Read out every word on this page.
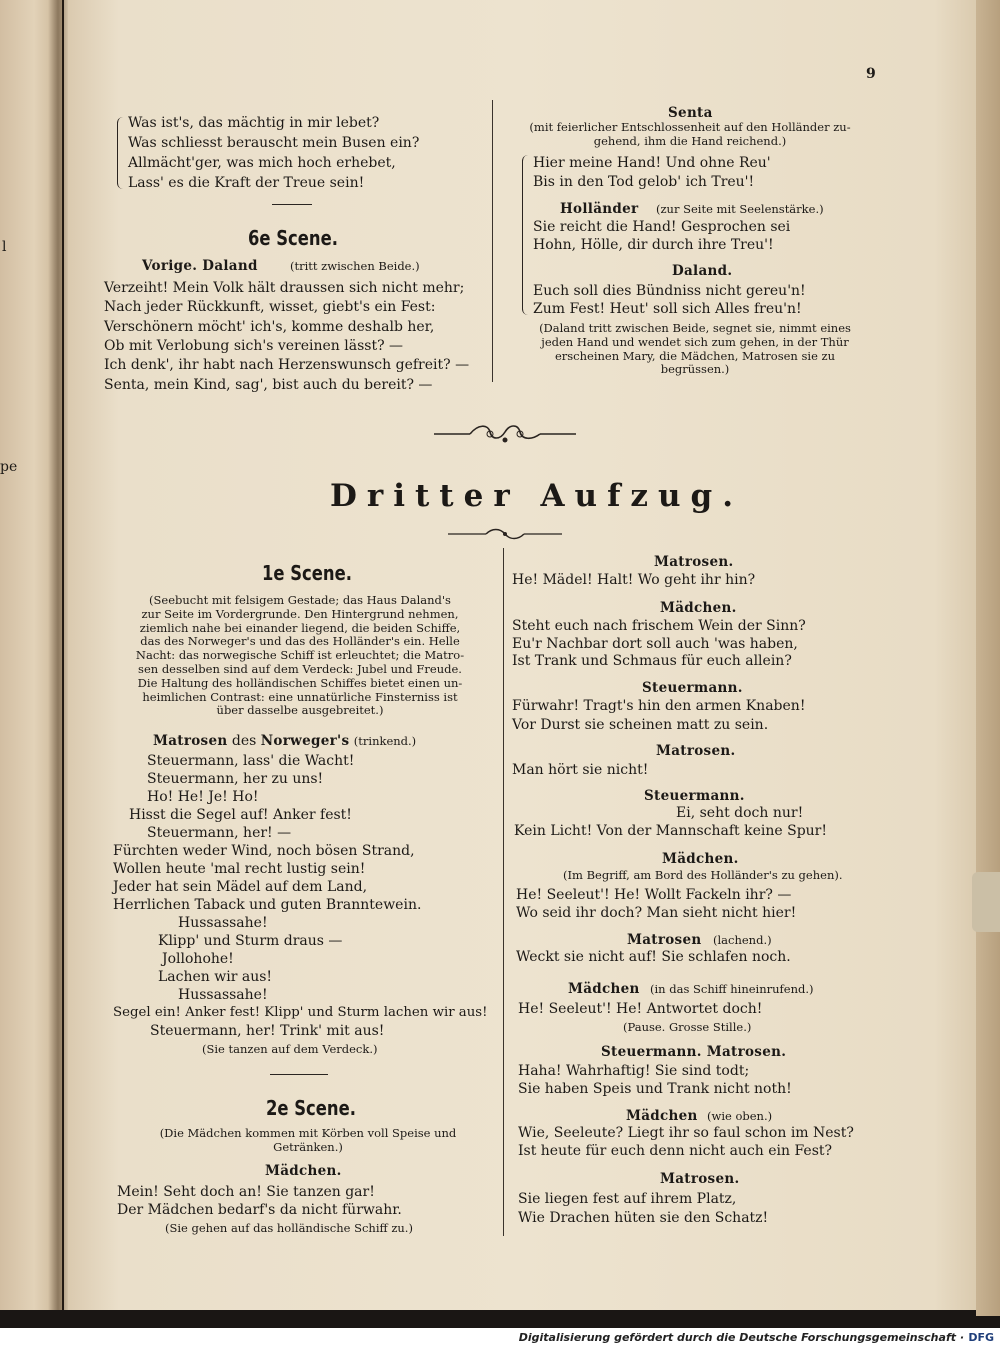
l
pe
9
Was ist's, das mächtig in mir lebet?
Was schliesst berauscht mein Busen ein?
Allmächt'ger, was mich hoch erhebet,
Lass' es die Kraft der Treue sein!
6e Scene.
Vorige. Daland	(tritt zwischen Beide.)
Verzeiht! Mein Volk hält draussen sich nicht mehr;
Nach jeder Rückkunft, wisset, giebt's ein Fest:
Verschönern möcht' ich's, komme deshalb her,
Ob mit Verlobung sich's vereinen lässt? —
Ich denk', ihr habt nach Herzenswunsch gefreit? —
Senta, mein Kind, sag', bist auch du bereit? —
Senta
(mit feierlicher Entschlossenheit auf den Holländer zu-
gehend, ihm die Hand reichend.)
Hier meine Hand! Und ohne Reu'
Bis in den Tod gelob' ich Treu'!
Holländer (zur Seite mit Seelenstärke.)
Sie reicht die Hand! Gesprochen sei
Hohn, Hölle, dir durch ihre Treu'!
Daland.
Euch soll dies Bündniss nicht gereu'n!
Zum Fest! Heut' soll sich Alles freu'n!
(Daland tritt zwischen Beide, segnet sie, nimmt eines
jeden Hand und wendet sich zum gehen, in der Thür
erscheinen Mary, die Mädchen, Matrosen sie zu
begrüssen.)
Dritter Aufzug.
1e Scene.
(Seebucht mit felsigem Gestade; das Haus Daland's
zur Seite im Vordergrunde. Den Hintergrund nehmen,
ziemlich nahe bei einander liegend, die beiden Schiffe,
das des Norweger's und das des Holländer's ein. Helle
Nacht: das norwegische Schiff ist erleuchtet; die Matro-
sen desselben sind auf dem Verdeck: Jubel und Freude.
Die Haltung des holländischen Schiffes bietet einen un-
heimlichen Contrast: eine unnatürliche Finsterniss ist
über dasselbe ausgebreitet.)
Matrosen des Norweger's (trinkend.)
Steuermann, lass' die Wacht!
Steuermann, her zu uns!
Ho! He! Je! Ho!
Hisst die Segel auf! Anker fest!
Steuermann, her! —
Fürchten weder Wind, noch bösen Strand,
Wollen heute 'mal recht lustig sein!
Jeder hat sein Mädel auf dem Land,
Herrlichen Taback und guten Branntewein.
Hussassahe!
Klipp' und Sturm draus —
Jollohohe!
Lachen wir aus!
Hussassahe!
Segel ein! Anker fest! Klipp' und Sturm lachen wir aus!
Steuermann, her! Trink' mit aus!
(Sie tanzen auf dem Verdeck.)
2e Scene.
(Die Mädchen kommen mit Körben voll Speise und
Getränken.)
Mädchen.
Mein! Seht doch an! Sie tanzen gar!
Der Mädchen bedarf's da nicht fürwahr.
(Sie gehen auf das holländische Schiff zu.)
Matrosen.
He! Mädel! Halt! Wo geht ihr hin?
Mädchen.
Steht euch nach frischem Wein der Sinn?
Eu'r Nachbar dort soll auch 'was haben,
Ist Trank und Schmaus für euch allein?
Steuermann.
Fürwahr! Tragt's hin den armen Knaben!
Vor Durst sie scheinen matt zu sein.
Matrosen.
Man hört sie nicht!
Steuermann.
Ei, seht doch nur!
Kein Licht! Von der Mannschaft keine Spur!
Mädchen.
(Im Begriff, am Bord des Holländer's zu gehen).
He! Seeleut'! He! Wollt Fackeln ihr? —
Wo seid ihr doch? Man sieht nicht hier!
Matrosen (lachend.)
Weckt sie nicht auf! Sie schlafen noch.
Mädchen (in das Schiff hineinrufend.)
He! Seeleut'! He! Antwortet doch!
(Pause. Grosse Stille.)
Steuermann. Matrosen.
Haha! Wahrhaftig! Sie sind todt;
Sie haben Speis und Trank nicht noth!
Mädchen (wie oben.)
Wie, Seeleute? Liegt ihr so faul schon im Nest?
Ist heute für euch denn nicht auch ein Fest?
Matrosen.
Sie liegen fest auf ihrem Platz,
Wie Drachen hüten sie den Schatz!
Digitalisierung gefördert durch die Deutsche Forschungsgemeinschaft · DFG
